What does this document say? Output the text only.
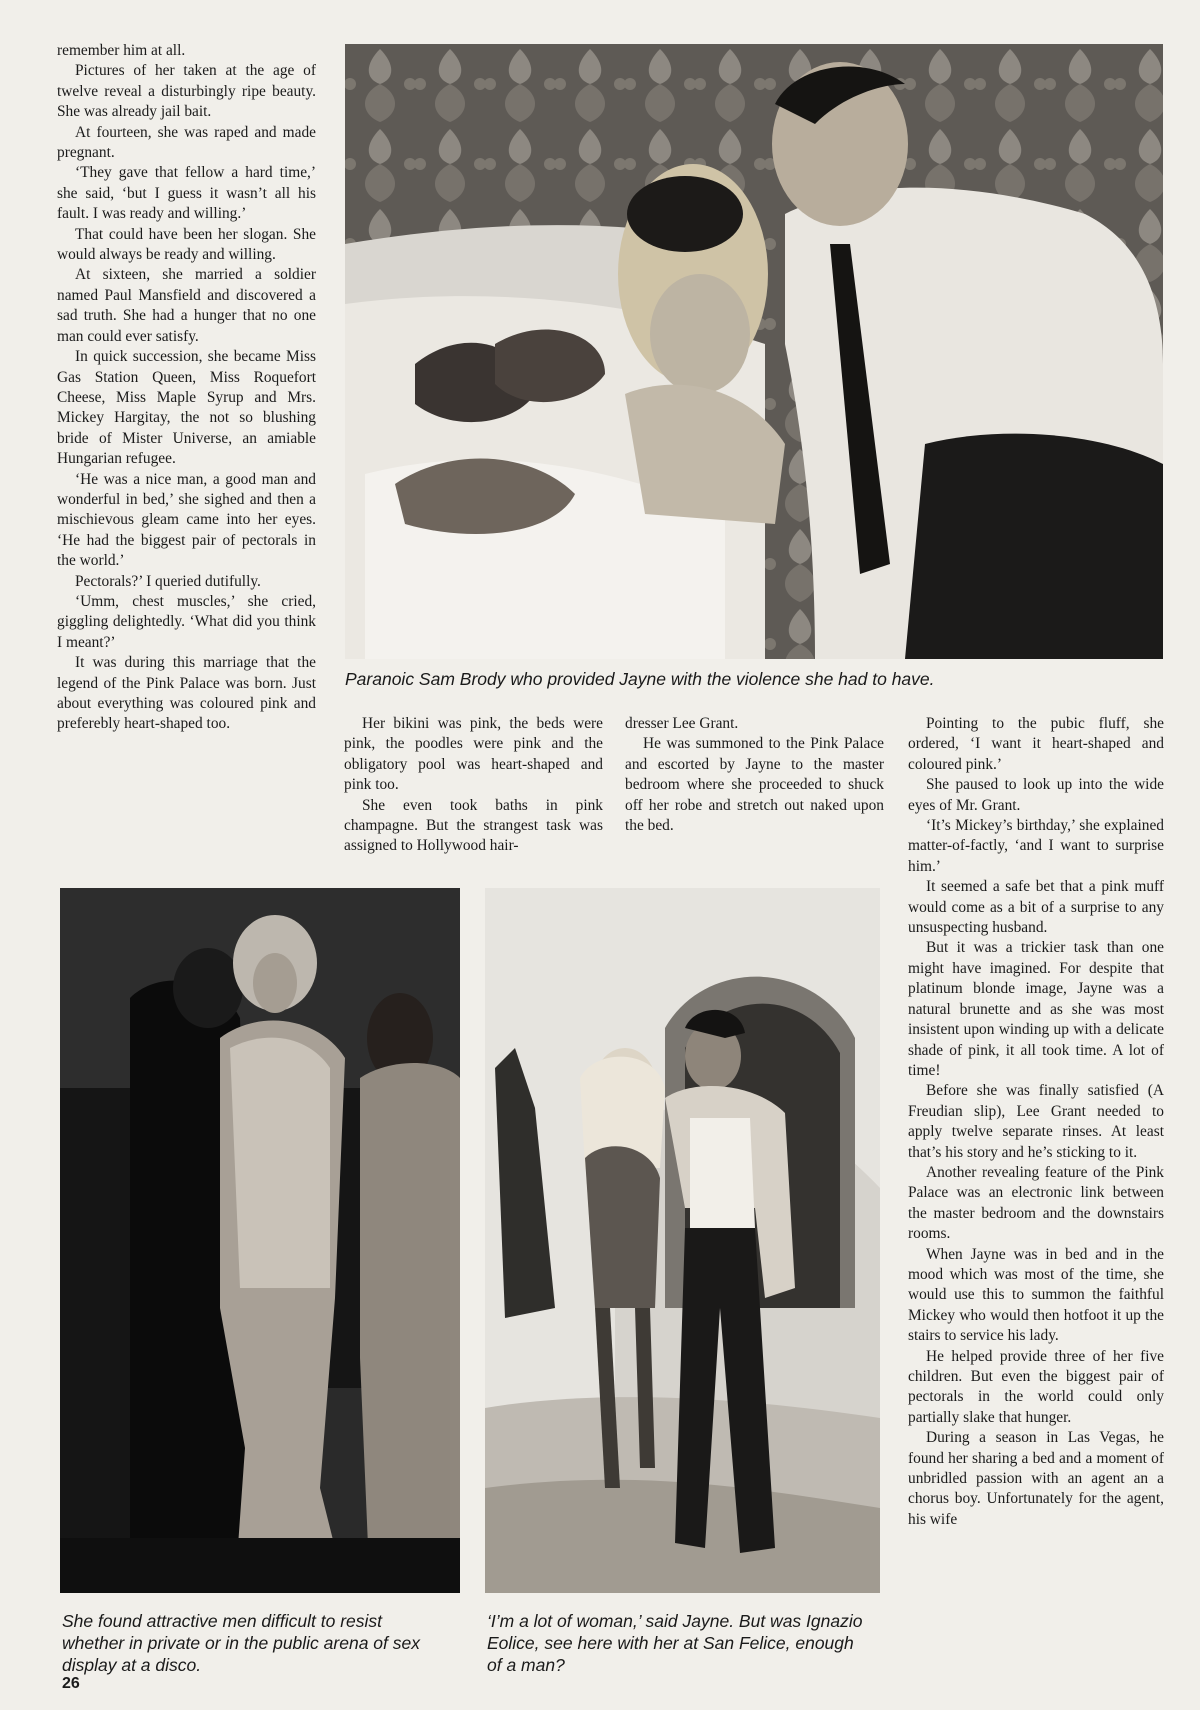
remember him at all.

Pictures of her taken at the age of twelve reveal a disturbingly ripe beauty. She was already jail bait.

At fourteen, she was raped and made pregnant.

‘They gave that fellow a hard time,’ she said, ‘but I guess it wasn’t all his fault. I was ready and willing.’

That could have been her slogan. She would always be ready and willing.

At sixteen, she married a soldier named Paul Mansfield and discovered a sad truth. She had a hunger that no one man could ever satisfy.

In quick succession, she became Miss Gas Station Queen, Miss Roquefort Cheese, Miss Maple Syrup and Mrs. Mickey Hargitay, the not so blushing bride of Mister Universe, an amiable Hungarian refugee.

‘He was a nice man, a good man and wonderful in bed,’ she sighed and then a mischievous gleam came into her eyes. ‘He had the biggest pair of pectorals in the world.’

Pectorals?’ I queried dutifully.

‘Umm, chest muscles,’ she cried, giggling delightedly. ‘What did you think I meant?’

It was during this marriage that the legend of the Pink Palace was born. Just about everything was coloured pink and preferebly heart-shaped too.

Paranoic Sam Brody who provided Jayne with the violence she had to have.

Her bikini was pink, the beds were pink, the poodles were pink and the obligatory pool was heart-shaped and pink too.

She even took baths in pink champagne. But the strangest task was assigned to Hollywood hair-

dresser Lee Grant.

He was summoned to the Pink Palace and escorted by Jayne to the master bedroom where she proceeded to shuck off her robe and stretch out naked upon the bed.

Pointing to the pubic fluff, she ordered, ‘I want it heart-shaped and coloured pink.’

She paused to look up into the wide eyes of Mr. Grant.

‘It’s Mickey’s birthday,’ she explained matter-of-factly, ‘and I want to surprise him.’

It seemed a safe bet that a pink muff would come as a bit of a surprise to any unsuspecting husband.

But it was a trickier task than one might have imagined. For despite that platinum blonde image, Jayne was a natural brunette and as she was most insistent upon winding up with a delicate shade of pink, it all took time. A lot of time!

Before she was finally satisfied (A Freudian slip), Lee Grant needed to apply twelve separate rinses. At least that’s his story and he’s sticking to it.

Another revealing feature of the Pink Palace was an electronic link between the master bedroom and the downstairs rooms.

When Jayne was in bed and in the mood which was most of the time, she would use this to summon the faithful Mickey who would then hotfoot it up the stairs to service his lady.

He helped provide three of her five children. But even the biggest pair of pectorals in the world could only partially slake that hunger.

During a season in Las Vegas, he found her sharing a bed and a moment of unbridled passion with an agent an a chorus boy. Unfortunately for the agent, his wife

She found attractive men difficult to resist whether in private or in the public arena of sex display at a disco.
‘I’m a lot of woman,’ said Jayne. But was Ignazio Eolice, see here with her at San Felice, enough of a man?
26
